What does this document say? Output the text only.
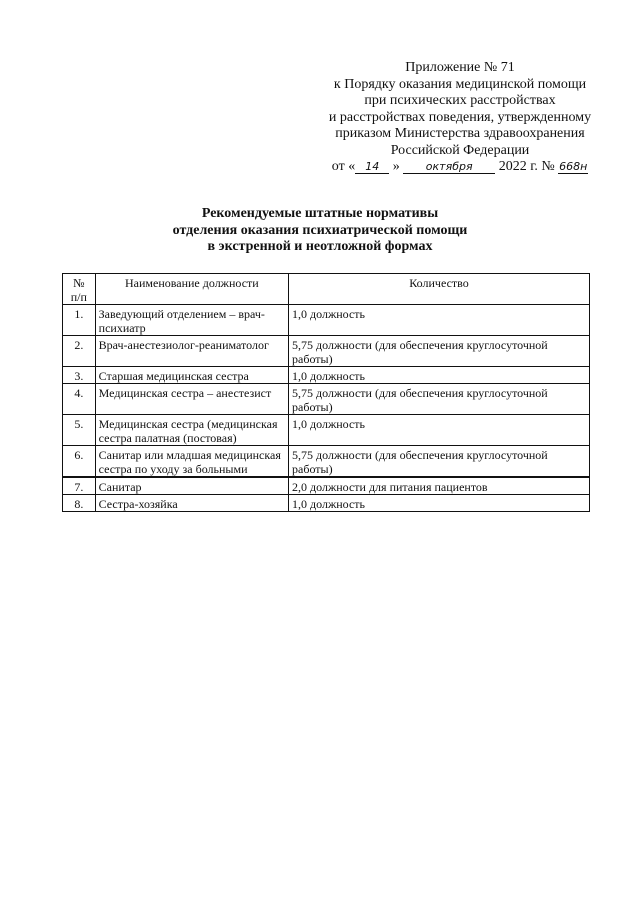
Приложение № 71
к Порядку оказания медицинской помощи
при психических расстройствах
и расстройствах поведения, утвержденному
приказом Министерства здравоохранения
Российской Федерации
от « 14 » октября 2022 г. № 668н
Рекомендуемые штатные нормативы
отделения оказания психиатрической помощи
в экстренной и неотложной формах
№
п/п	Наименование должности	Количество
1.	Заведующий отделением – врач-психиатр	1,0 должность
2.	Врач-анестезиолог-реаниматолог	5,75 должности (для обеспечения круглосуточной работы)
3.	Старшая медицинская сестра	1,0 должность
4.	Медицинская сестра – анестезист	5,75 должности (для обеспечения круглосуточной работы)
5.	Медицинская сестра (медицинская сестра палатная (постовая)	1,0 должность
6.	Санитар или младшая медицинская сестра по уходу за больными	5,75 должности (для обеспечения круглосуточной работы)
7.	Санитар	2,0 должности для питания пациентов
8.	Сестра-хозяйка	1,0 должность
